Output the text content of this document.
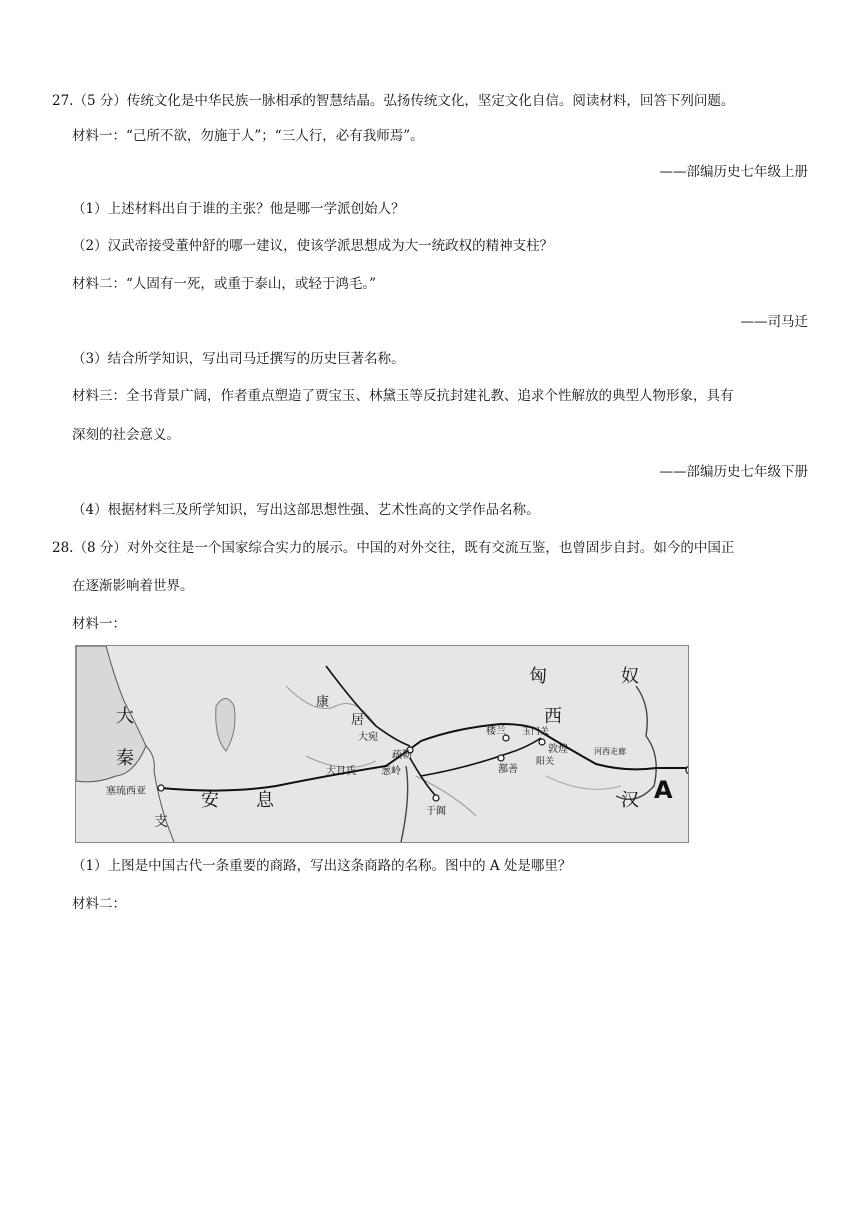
27.（5 分）传统文化是中华民族一脉相承的智慧结晶。弘扬传统文化，坚定文化自信。阅读材料，回答下列问题。
材料一：“己所不欲，勿施于人”；“三人行，必有我师焉”。
——部编历史七年级上册
（1）上述材料出自于谁的主张？他是哪一学派创始人？
（2）汉武帝接受董仲舒的哪一建议，使该学派思想成为大一统政权的精神支柱？
材料二：“人固有一死，或重于泰山，或轻于鸿毛。”
——司马迁
（3）结合所学知识，写出司马迁撰写的历史巨著名称。
材料三：全书背景广阔，作者重点塑造了贾宝玉、林黛玉等反抗封建礼教、追求个性解放的典型人物形象，具有
深刻的社会意义。
——部编历史七年级下册
（4）根据材料三及所学知识，写出这部思想性强、艺术性高的文学作品名称。
28.（8 分）对外交往是一个国家综合实力的展示。中国的对外交往，既有交流互鉴，也曾固步自封。如今的中国正
在逐渐影响着世界。
材料一：
匈	奴
大
秦
安 息
康
居	西
汉
支
塞琉西亚
大宛
疏勒
葱岭
大月氏
楼兰 玉门关
敦煌
阳关
鄯善
于阗
河西走廊
A
（1）上图是中国古代一条重要的商路，写出这条商路的名称。图中的 A 处是哪里？
材料二：
